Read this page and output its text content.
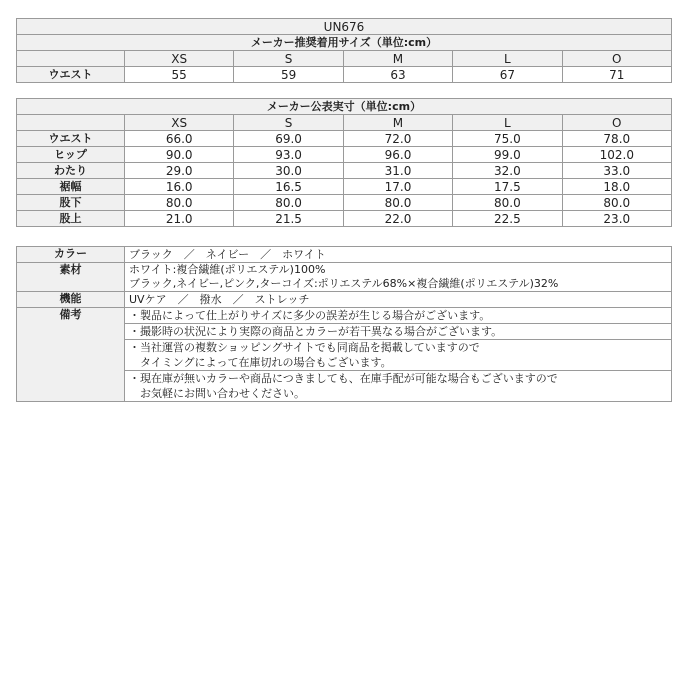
UN676					
メーカー推奨着用サイズ（単位:cm）					
	XS	S	M	L	O
ウエスト	55	59	63	67	71
メーカー公表実寸（単位:cm）					
	XS	S	M	L	O
ウエスト	66.0	69.0	72.0	75.0	78.0
ヒップ	90.0	93.0	96.0	99.0	102.0
わたり	29.0	30.0	31.0	32.0	33.0
裾幅	16.0	16.5	17.0	17.5	18.0
股下	80.0	80.0	80.0	80.0	80.0
股上	21.0	21.5	22.0	22.5	23.0
カラー	ブラック　／　ネイビー　／　ホワイト
素材	ホワイト:複合繊維(ポリエステル)100%
ブラック,ネイビー,ピンク,ターコイズ:ポリエステル68%×複合繊維(ポリエステル)32%

機能	UVケア　／　撥水　／　ストレッチ
備考	・製品によって仕上がりサイズに多少の誤差が生じる場合がございます。

	・撮影時の状況により実際の商品とカラーが若干異なる場合がございます。

	・当社運営の複数ショッピングサイトでも同商品を掲載していますので
　タイミングによって在庫切れの場合もございます。

	・現在庫が無いカラーや商品につきましても、在庫手配が可能な場合もございますので
　お気軽にお問い合わせください。
